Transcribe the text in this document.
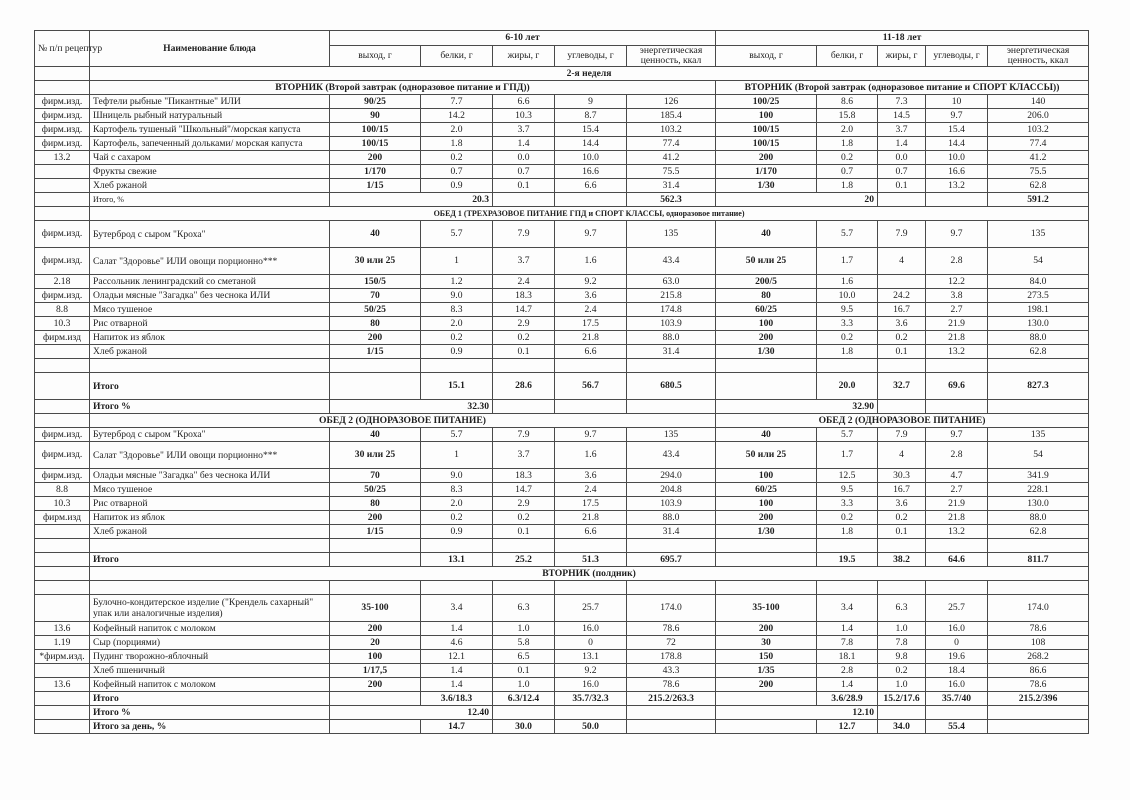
№ п/п рецептур	Наименование блюда	6-10 лет					11-18 лет				
		выход, г	белки, г	жиры, г	углеводы, г	энергетическая ценность, ккал	выход, г	белки, г	жиры, г	углеводы, г	энергетическая ценность, ккал
	2-я неделя										
	ВТОРНИК (Второй завтрак (одноразовое питание и ГПД))						ВТОРНИК (Второй завтрак (одноразовое питание и СПОРТ КЛАССЫ))				
фирм.изд.	Тефтели рыбные "Пикантные" ИЛИ	90/25	7.7	6.6	9	126	100/25	8.6	7.3	10	140
фирм.изд.	Шницель рыбный натуральный	90	14.2	10.3	8.7	185.4	100	15.8	14.5	9.7	206.0
фирм.изд.	Картофель тушеный "Школьный"/морская капуста	100/15	2.0	3.7	15.4	103.2	100/15	2.0	3.7	15.4	103.2
фирм.изд.	Картофель, запеченный дольками/ морская капуста	100/15	1.8	1.4	14.4	77.4	100/15	1.8	1.4	14.4	77.4
13.2	Чай с сахаром	200	0.2	0.0	10.0	41.2	200	0.2	0.0	10.0	41.2
	Фрукты свежие	1/170	0.7	0.7	16.6	75.5	1/170	0.7	0.7	16.6	75.5
	Хлеб ржаной	1/15	0.9	0.1	6.6	31.4	1/30	1.8	0.1	13.2	62.8
	Итого, %	20.3				562.3	20				591.2
	ОБЕД 1 (ТРЕХРАЗОВОЕ ПИТАНИЕ ГПД и СПОРТ КЛАССЫ, одноразовое питание)										
фирм.изд.	Бутерброд с сыром "Кроха"	40	5.7	7.9	9.7	135	40	5.7	7.9	9.7	135
фирм.изд.	Салат "Здоровье" ИЛИ овощи порционно***	30 или 25	1	3.7	1.6	43.4	50 или 25	1.7	4	2.8	54
2.18	Рассольник ленинградский со сметаной	150/5	1.2	2.4	9.2	63.0	200/5	1.6		12.2	84.0
фирм.изд.	Оладьи мясные "Загадка" без чеснока ИЛИ	70	9.0	18.3	3.6	215.8	80	10.0	24.2	3.8	273.5
8.8	Мясо тушеное	50/25	8.3	14.7	2.4	174.8	60/25	9.5	16.7	2.7	198.1
10.3	Рис отварной	80	2.0	2.9	17.5	103.9	100	3.3	3.6	21.9	130.0
фирм.изд	Напиток из яблок	200	0.2	0.2	21.8	88.0	200	0.2	0.2	21.8	88.0
	Хлеб ржаной	1/15	0.9	0.1	6.6	31.4	1/30	1.8	0.1	13.2	62.8

	Итого		15.1	28.6	56.7	680.5		20.0	32.7	69.6	827.3
	Итого %	32.30					32.90				
	ОБЕД 2 (ОДНОРАЗОВОЕ ПИТАНИЕ)						ОБЕД 2 (ОДНОРАЗОВОЕ ПИТАНИЕ)				
фирм.изд.	Бутерброд с сыром "Кроха"	40	5.7	7.9	9.7	135	40	5.7	7.9	9.7	135
фирм.изд.	Салат "Здоровье" ИЛИ овощи порционно***	30 или 25	1	3.7	1.6	43.4	50 или 25	1.7	4	2.8	54
фирм.изд.	Оладьи мясные "Загадка" без чеснока ИЛИ	70	9.0	18.3	3.6	294.0	100	12.5	30.3	4.7	341.9
8.8	Мясо тушеное	50/25	8.3	14.7	2.4	204.8	60/25	9.5	16.7	2.7	228.1
10.3	Рис отварной	80	2.0	2.9	17.5	103.9	100	3.3	3.6	21.9	130.0
фирм.изд	Напиток из яблок	200	0.2	0.2	21.8	88.0	200	0.2	0.2	21.8	88.0
	Хлеб ржаной	1/15	0.9	0.1	6.6	31.4	1/30	1.8	0.1	13.2	62.8

	Итого		13.1	25.2	51.3	695.7		19.5	38.2	64.6	811.7
	ВТОРНИК (полдник)										

	Булочно-кондитерское изделие ("Крендель сахарный" упак или аналогичные изделия)	35-100	3.4	6.3	25.7	174.0	35-100	3.4	6.3	25.7	174.0
13.6	Кофейный напиток с молоком	200	1.4	1.0	16.0	78.6	200	1.4	1.0	16.0	78.6
1.19	Сыр (порциями)	20	4.6	5.8	0	72	30	7.8	7.8	0	108
*фирм.изд.	Пудинг творожно-яблочный	100	12.1	6.5	13.1	178.8	150	18.1	9.8	19.6	268.2
	Хлеб пшеничный	1/17,5	1.4	0.1	9.2	43.3	1/35	2.8	0.2	18.4	86.6
13.6	Кофейный напиток с молоком	200	1.4	1.0	16.0	78.6	200	1.4	1.0	16.0	78.6
	Итого		3.6/18.3	6.3/12.4	35.7/32.3	215.2/263.3		3.6/28.9	15.2/17.6	35.7/40	215.2/396
	Итого %	12.40					12.10				
	Итого за день, %		14.7	30.0	50.0			12.7	34.0	55.4	
